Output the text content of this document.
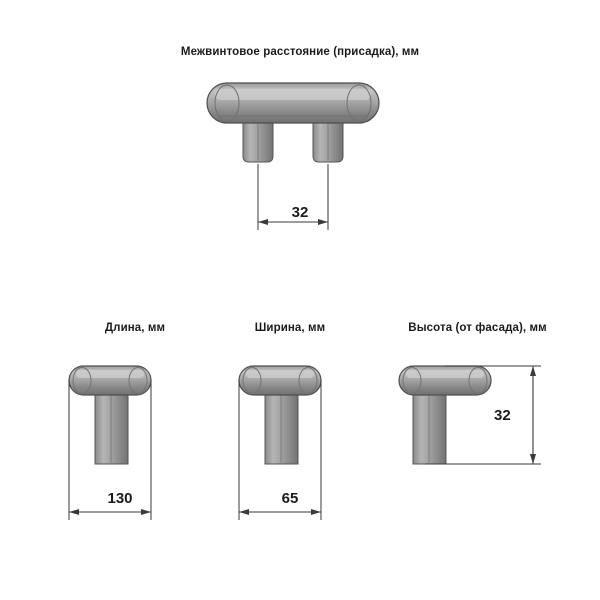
Межвинтовое расстояние (присадка), мм
32
Длина, мм
130
Ширина, мм
65
Высота (от фасада), мм
32
